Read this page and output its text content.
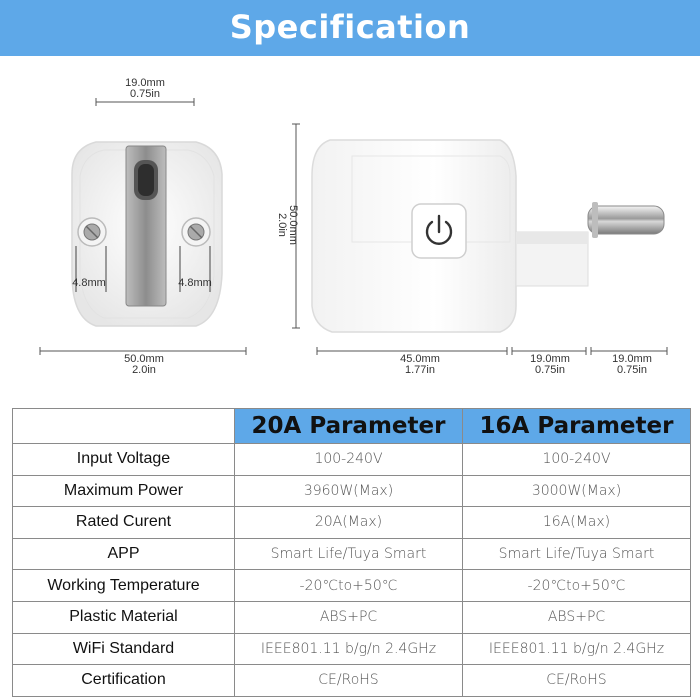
Specification
19.0mm
0.75in
4.8mm	4.8mm
50.0mm
2.0in
50.0mm
2.0in
45.0mm
1.77in
19.0mm
0.75in
19.0mm
0.75in
	20A Parameter	16A Parameter
Input Voltage	100-240V	100-240V
Maximum Power	3960W(Max)	3000W(Max)
Rated Curent	20A(Max)	16A(Max)
APP	Smart Life/Tuya Smart	Smart Life/Tuya Smart
Working Temperature	-20℃to+50℃	-20℃to+50℃
Plastic Material	ABS+PC	ABS+PC
WiFi Standard	IEEE801.11 b/g/n 2.4GHz	IEEE801.11 b/g/n 2.4GHz
Certification	CE/RoHS	CE/RoHS
